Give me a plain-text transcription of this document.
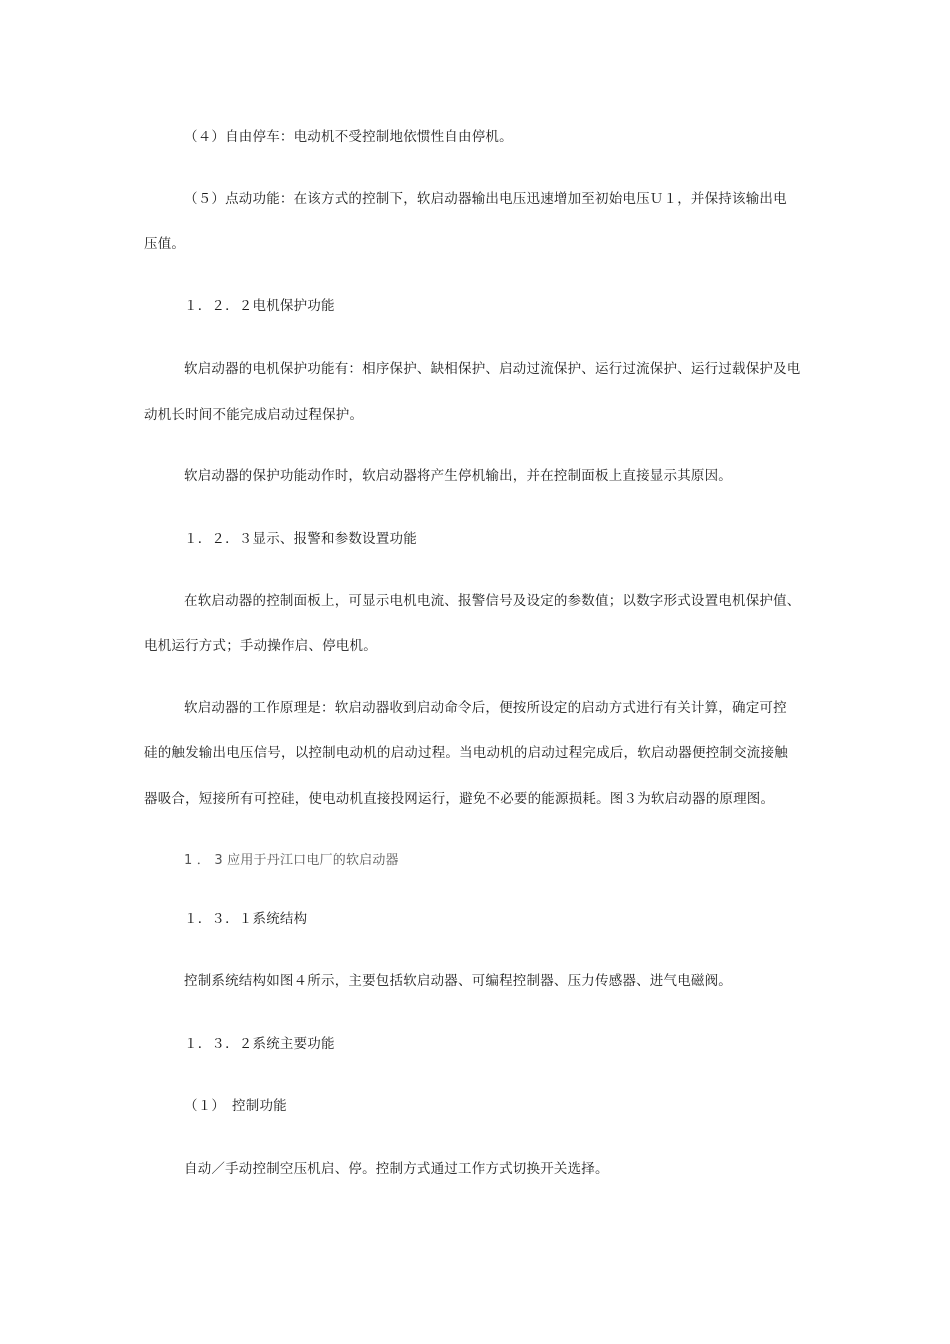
（４）自由停车：电动机不受控制地依惯性自由停机。
（５）点动功能：在该方式的控制下，软启动器输出电压迅速增加至初始电压Ｕ１，并保持该输出电
压值。
１．２．２电机保护功能
软启动器的电机保护功能有：相序保护、缺相保护、启动过流保护、运行过流保护、运行过载保护及电
动机长时间不能完成启动过程保护。
软启动器的保护功能动作时，软启动器将产生停机输出，并在控制面板上直接显示其原因。
１．２．３显示、报警和参数设置功能
在软启动器的控制面板上，可显示电机电流、报警信号及设定的参数值；以数字形式设置电机保护值、
电机运行方式；手动操作启、停电机。
软启动器的工作原理是：软启动器收到启动命令后，便按所设定的启动方式进行有关计算，确定可控
硅的触发输出电压信号，以控制电动机的启动过程。当电动机的启动过程完成后，软启动器便控制交流接触
器吸合，短接所有可控硅，使电动机直接投网运行，避免不必要的能源损耗。图３为软启动器的原理图。
1 ． 3 应用于丹江口电厂的软启动器
１．３．１系统结构
控制系统结构如图４所示，主要包括软启动器、可编程控制器、压力传感器、进气电磁阀。
１．３．２系统主要功能
（１）　控制功能
自动／手动控制空压机启、停。控制方式通过工作方式切换开关选择。
